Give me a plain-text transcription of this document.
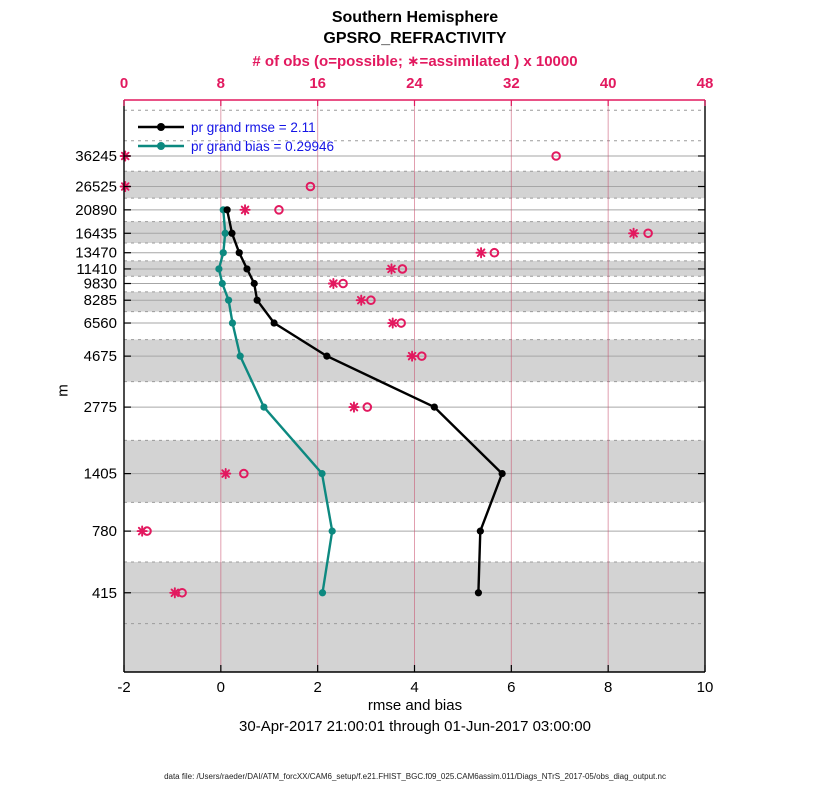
Southern Hemisphere
GPSRO_REFRACTIVITY
# of obs (o=possible; ∗=assimilated ) x 10000
m
36245
26525
20890
16435
13470
11410
9830
8285
6560
4675
2775
1405
780
415
-2	0	2	4	6	8	10
0	8	16	24	32	40	48
pr grand rmse = 2.11
pr grand bias = 0.29946
rmse and bias
30-Apr-2017 21:00:01 through 01-Jun-2017 03:00:00
data file: /Users/raeder/DAI/ATM_forcXX/CAM6_setup/f.e21.FHIST_BGC.f09_025.CAM6assim.011/Diags_NTrS_2017-05/obs_diag_output.nc
